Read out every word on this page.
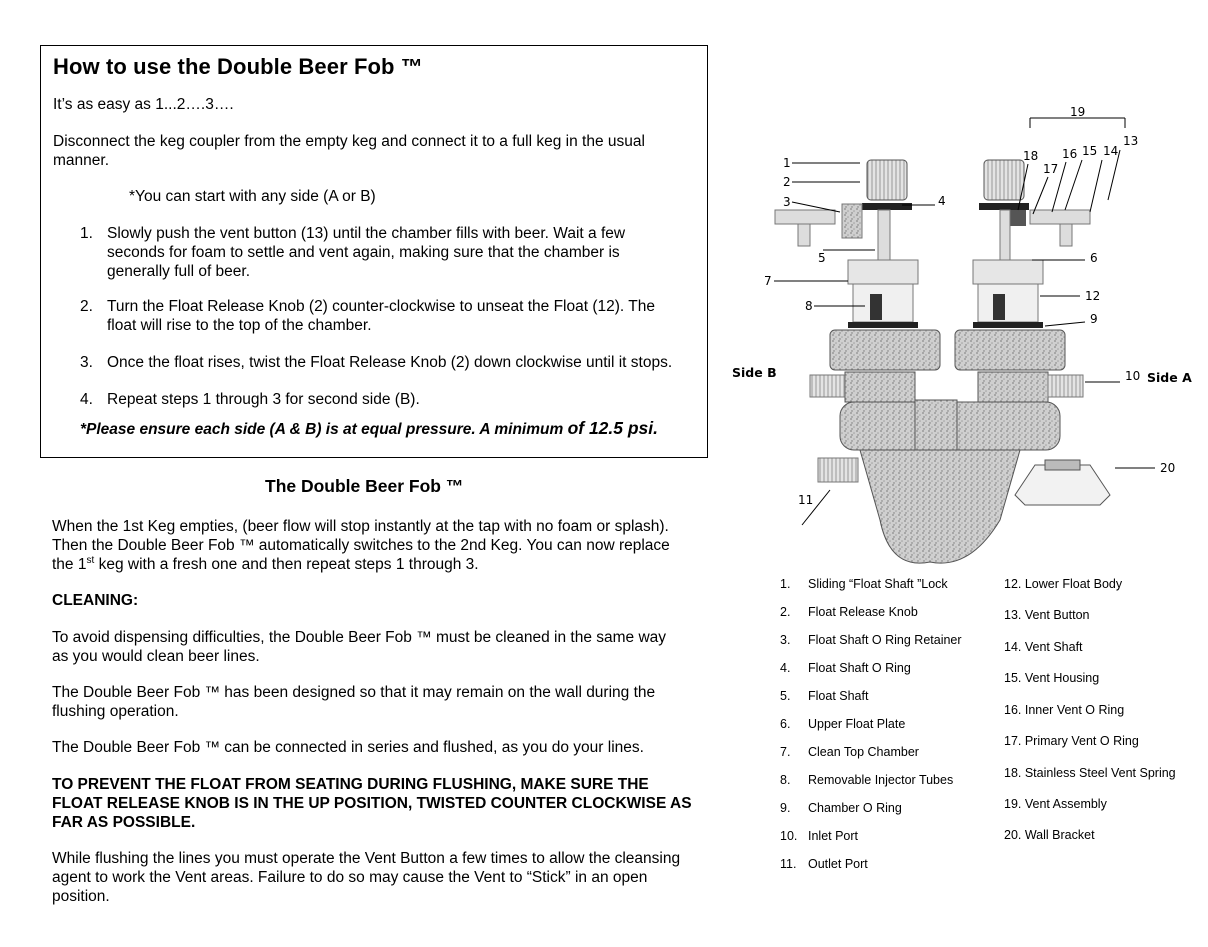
How to use the Double Beer Fob ™

It’s as easy as 1...2….3….

Disconnect the keg coupler from the empty keg and connect it to a full keg in the usual manner.

*You can start with any side (A or B)

1. Slowly push the vent button (13) until the chamber fills with beer. Wait a few seconds for foam to settle and vent again, making sure that the chamber is generally full of beer.

2. Turn the Float Release Knob (2) counter-clockwise to unseat the Float (12). The float will rise to the top of the chamber.

3. Once the float rises, twist the Float Release Knob (2) down clockwise until it stops.

4. Repeat steps 1 through 3 for second side (B).

*Please ensure each side (A & B) is at equal pressure. A minimum of 12.5 psi.

The Double Beer Fob ™

When the 1st Keg empties, (beer flow will stop instantly at the tap with no foam or splash). Then the Double Beer Fob ™ automatically switches to the 2nd Keg. You can now replace the 1st keg with a fresh one and then repeat steps 1 through 3.

CLEANING:

To avoid dispensing difficulties, the Double Beer Fob ™ must be cleaned in the same way as you would clean beer lines.

The Double Beer Fob ™ has been designed so that it may remain on the wall during the flushing operation.

The Double Beer Fob ™ can be connected in series and flushed, as you do your lines.

TO PREVENT THE FLOAT FROM SEATING DURING FLUSHING, MAKE SURE THE FLOAT RELEASE KNOB IS IN THE UP POSITION, TWISTED COUNTER CLOCKWISE AS FAR AS POSSIBLE.

While flushing the lines you must operate the Vent Button a few times to allow the cleansing agent to work the Vent areas. Failure to do so may cause the Vent to “Stick” in an open position.

1
2
3	4
5	6
7
8
9
10
11
12
13
14
15
16
17
18
19
20
Side B	Side A
1. Sliding “Float Shaft ”Lock
2. Float Release Knob
3. Float Shaft O Ring Retainer
4. Float Shaft O Ring
5. Float Shaft
6. Upper Float Plate
7. Clean Top Chamber
8. Removable Injector Tubes
9. Chamber O Ring
10. Inlet Port
11. Outlet Port
12. Lower Float Body
13. Vent Button
14. Vent Shaft
15. Vent Housing
16. Inner Vent O Ring
17. Primary Vent O Ring
18. Stainless Steel Vent Spring
19. Vent Assembly
20. Wall Bracket
